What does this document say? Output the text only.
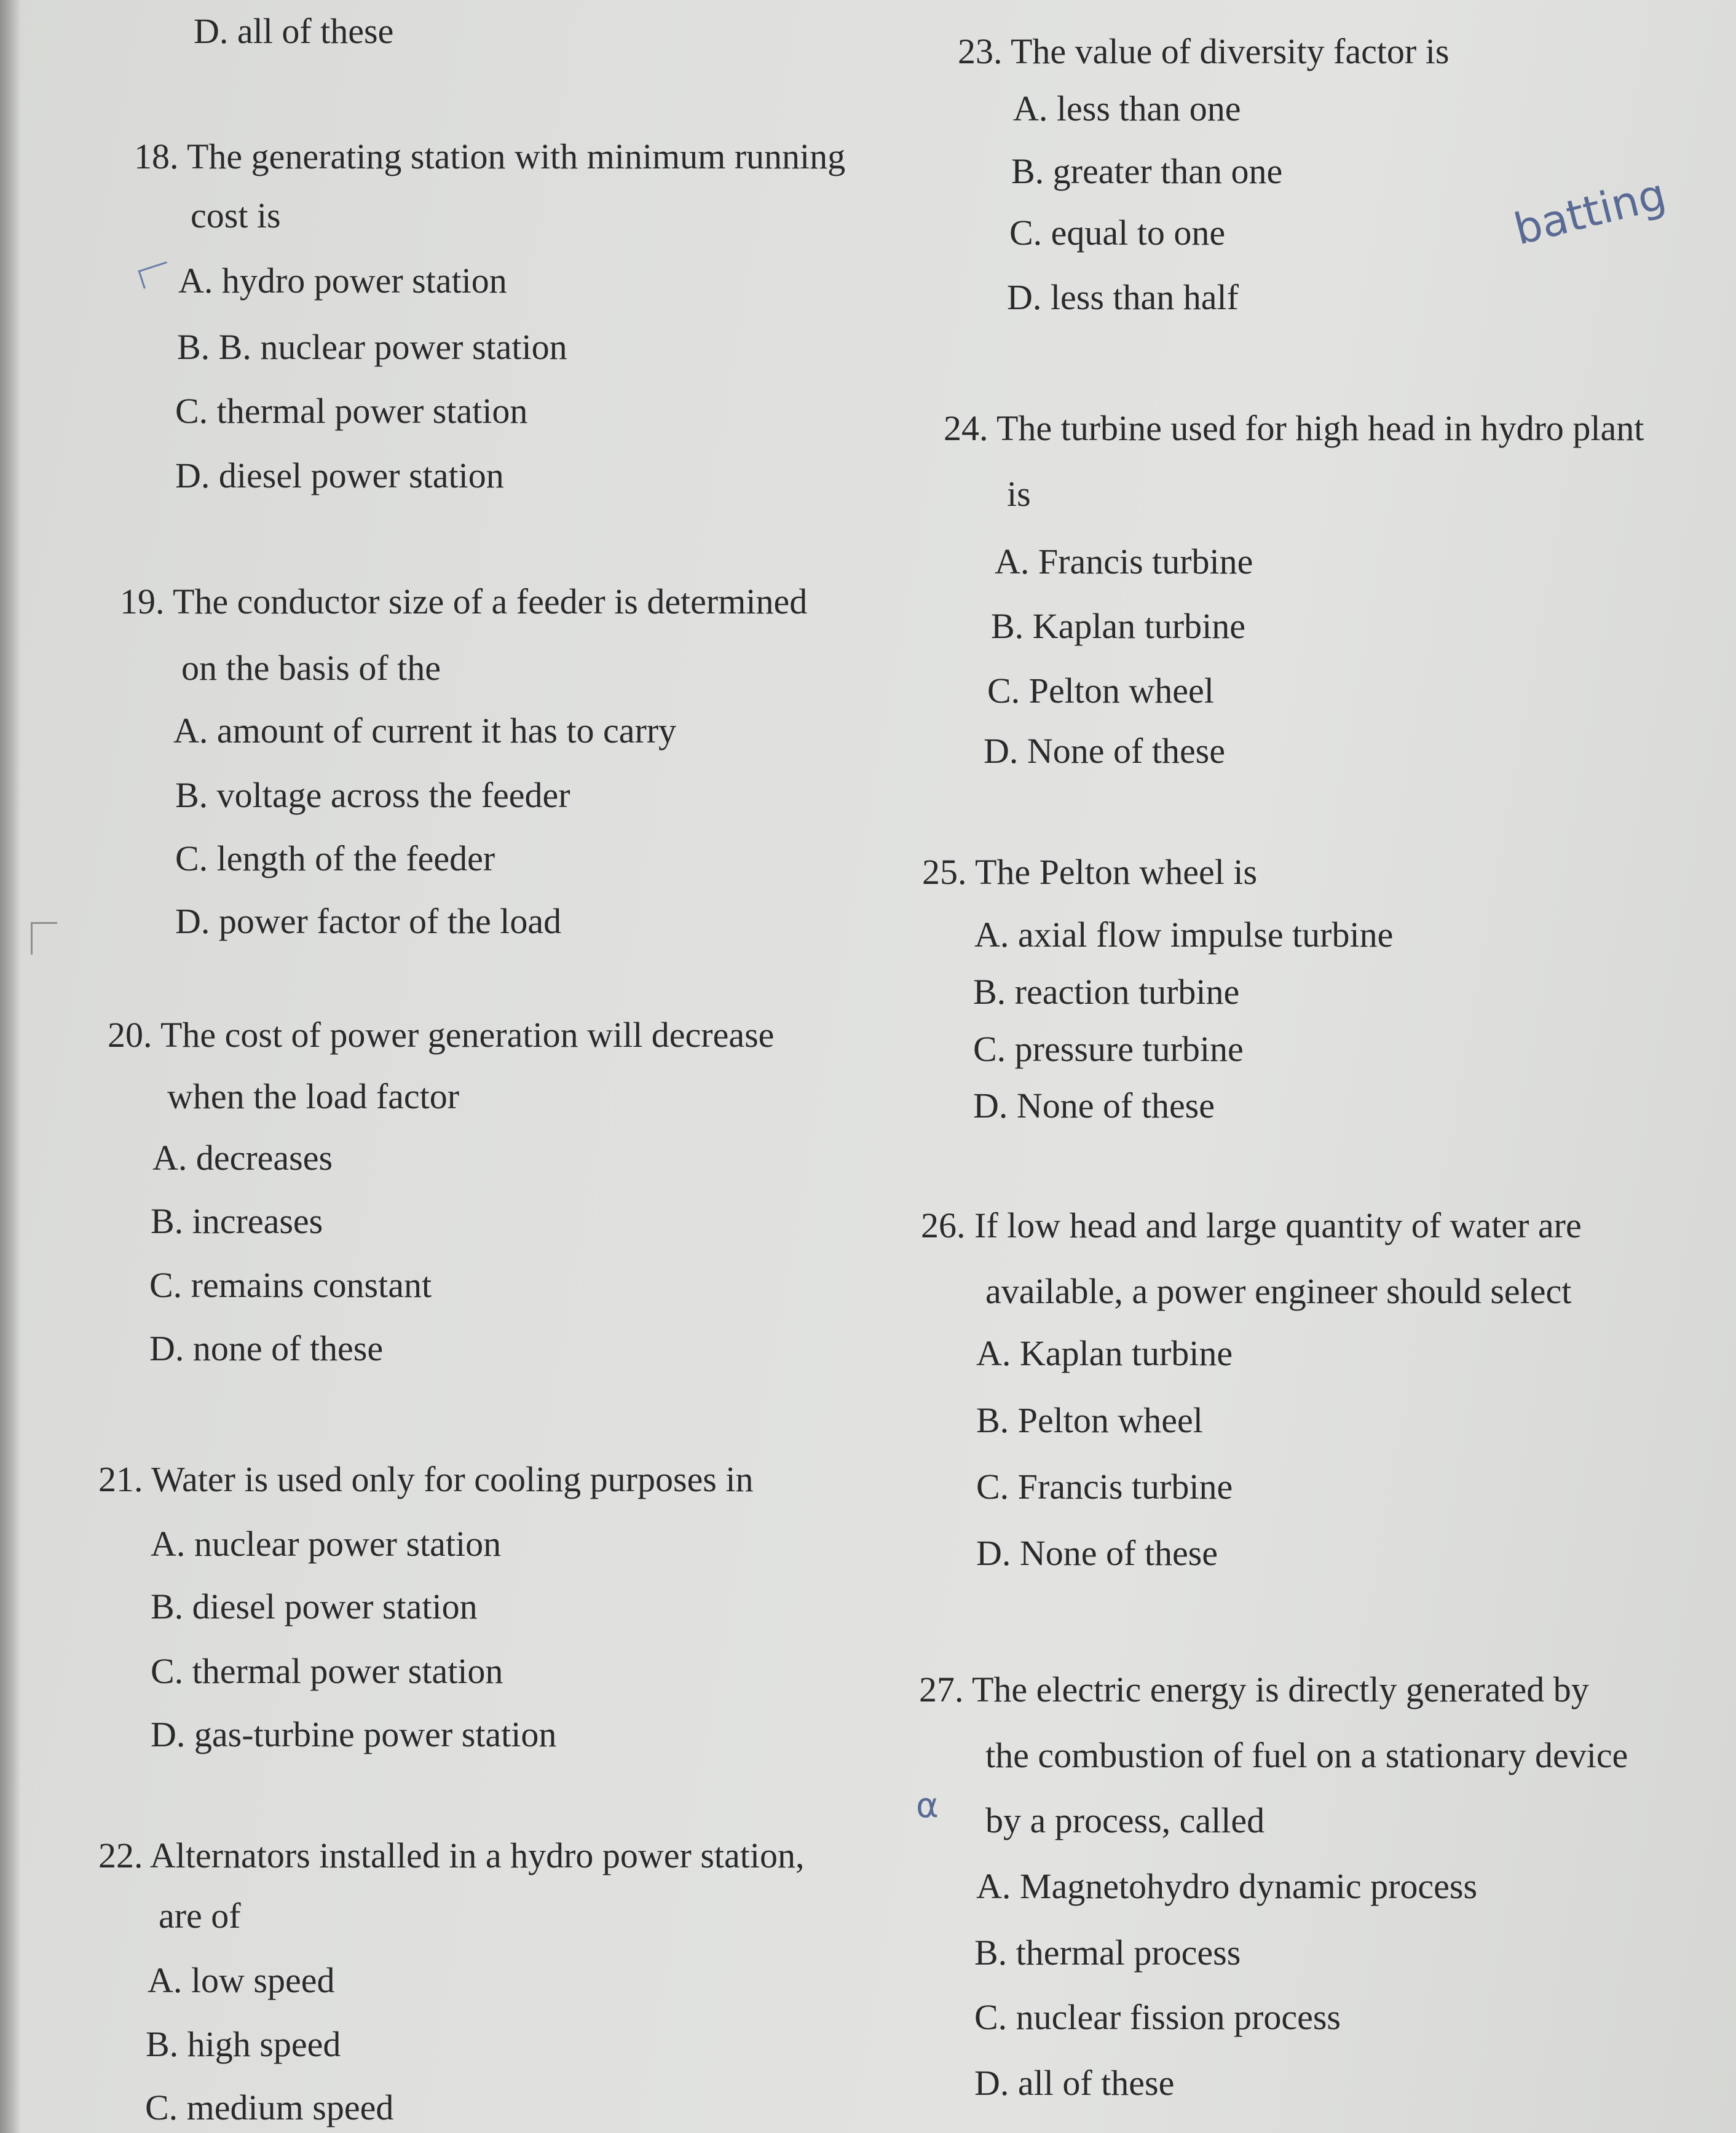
D. all of these
18. The generating station with minimum running
cost is
A. hydro power station
B. B. nuclear power station
C. thermal power station
D. diesel power station
19. The conductor size of a feeder is determined
on the basis of the
A. amount of current it has to carry
B. voltage across the feeder
C. length of the feeder
D. power factor of the load
20. The cost of power generation will decrease
when the load factor
A. decreases
B. increases
C. remains constant
D. none of these
21. Water is used only for cooling purposes in
A. nuclear power station
B. diesel power station
C. thermal power station
D. gas-turbine power station
22. Alternators installed in a hydro power station,
are of
A. low speed
B. high speed
C. medium speed
23. The value of diversity factor is
A. less than one
B. greater than one
C. equal to one
D. less than half
24. The turbine used for high head in hydro plant
is
A. Francis turbine
B. Kaplan turbine
C. Pelton wheel
D. None of these
25. The Pelton wheel is
A. axial flow impulse turbine
B. reaction turbine
C. pressure turbine
D. None of these
26. If low head and large quantity of water are
available, a power engineer should select
A. Kaplan turbine
B. Pelton wheel
C. Francis turbine
D. None of these
27. The electric energy is directly generated by
the combustion of fuel on a stationary device
by a process, called
A. Magnetohydro dynamic process
B. thermal process
C. nuclear fission process
D. all of these
batting
α
